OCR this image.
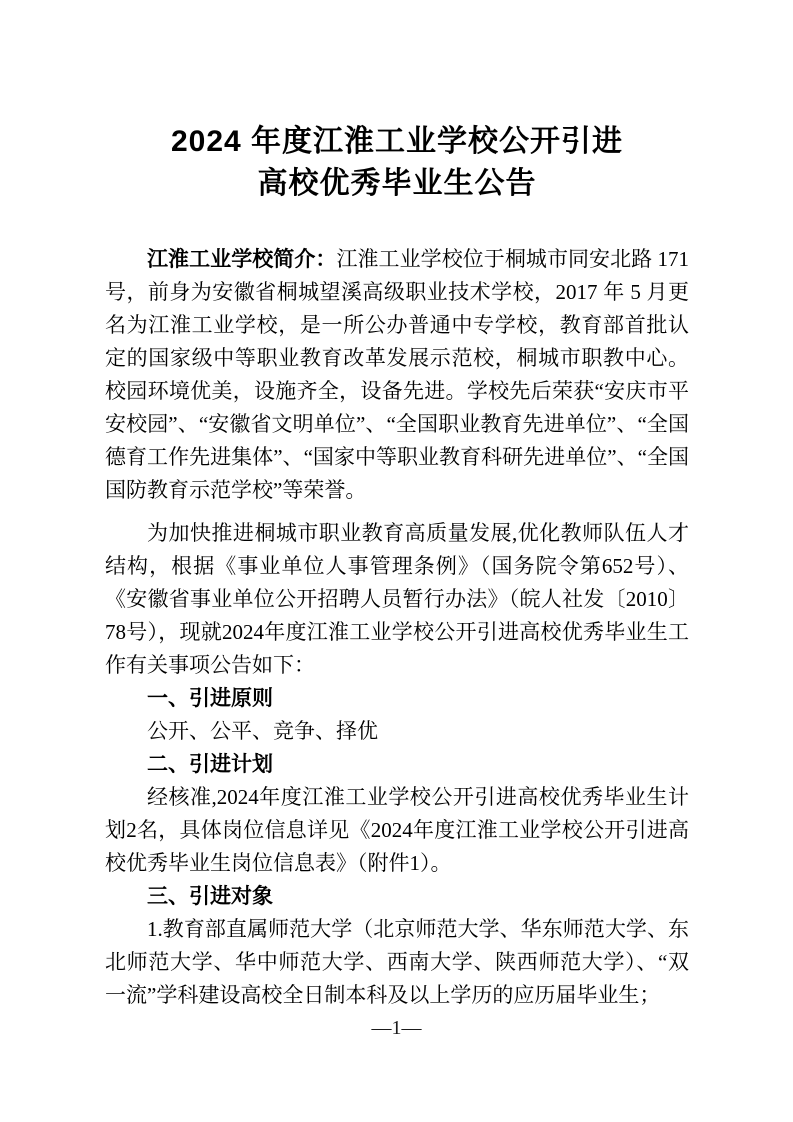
2024 年度江淮工业学校公开引进
高校优秀毕业生公告

江淮工业学校简介：江淮工业学校位于桐城市同安北路 171 号，前身为安徽省桐城望溪高级职业技术学校，2017 年 5 月更名为江淮工业学校，是一所公办普通中专学校，教育部首批认定的国家级中等职业教育改革发展示范校，桐城市职教中心。校园环境优美，设施齐全，设备先进。学校先后荣获“安庆市平安校园”、“安徽省文明单位”、“全国职业教育先进单位”、“全国德育工作先进集体”、“国家中等职业教育科研先进单位”、“全国国防教育示范学校”等荣誉。

为加快推进桐城市职业教育高质量发展,优化教师队伍人才结构，根据《事业单位人事管理条例》（国务院令第652号）、《安徽省事业单位公开招聘人员暂行办法》（皖人社发〔2010〕78号），现就2024年度江淮工业学校公开引进高校优秀毕业生工作有关事项公告如下：

一、引进原则

公开、公平、竞争、择优

二、引进计划

经核准,2024年度江淮工业学校公开引进高校优秀毕业生计划2名，具体岗位信息详见《2024年度江淮工业学校公开引进高校优秀毕业生岗位信息表》（附件1）。

三、引进对象

1.教育部直属师范大学（北京师范大学、华东师范大学、东北师范大学、华中师范大学、西南大学、陕西师范大学）、“双一流”学科建设高校全日制本科及以上学历的应历届毕业生；

—1—
